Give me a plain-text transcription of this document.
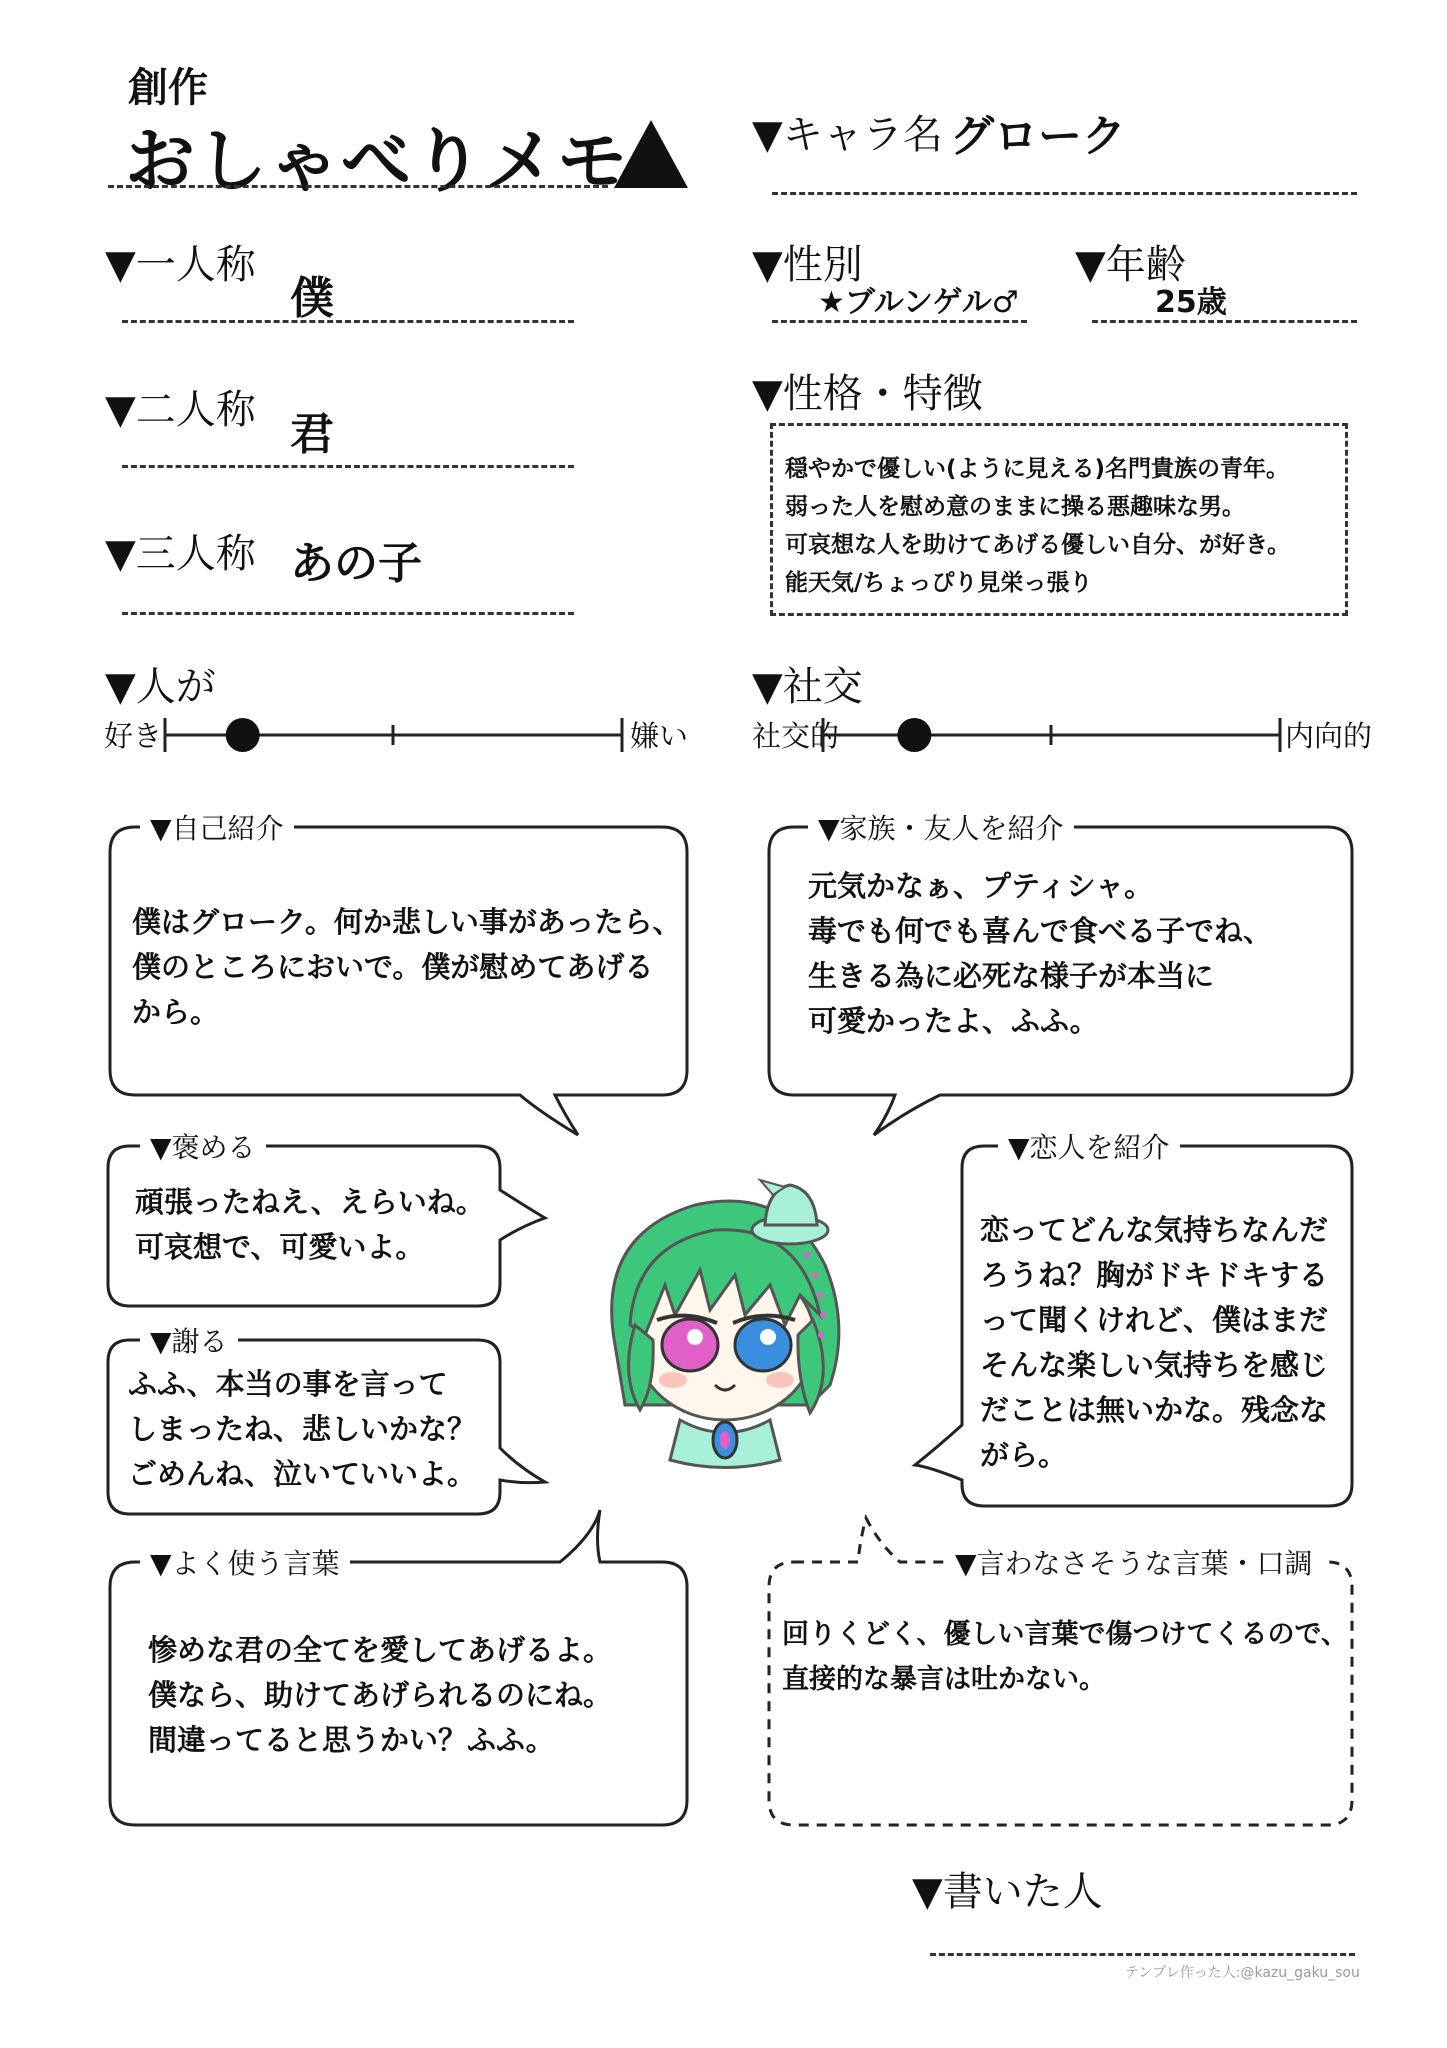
創作
おしゃべりメモ	▼キャラ名 グローク
▼一人称
僕
▼性別
★ブルンゲル♂
▼年齢
25歳
▼二人称 君
▼性格・特徴
穏やかで優しい(ように見える)名門貴族の青年。
弱った人を慰め意のままに操る悪趣味な男。
可哀想な人を助けてあげる優しい自分、が好き。
能天気/ちょっぴり見栄っ張り
▼三人称 あの子
▼人が
好き	嫌い
▼社交
社交的	内向的
▼自己紹介
僕はグローク。何か悲しい事があったら、
僕のところにおいで。僕が慰めてあげる
から。
▼家族・友人を紹介
元気かなぁ、プティシャ。
毒でも何でも喜んで食べる子でね、
生きる為に必死な様子が本当に
可愛かったよ、ふふ。
▼褒める
頑張ったねえ、えらいね。
可哀想で、可愛いよ。
▼恋人を紹介
恋ってどんな気持ちなんだ
ろうね？胸がドキドキする
って聞くけれど、僕はまだ
そんな楽しい気持ちを感じ
だことは無いかな。残念な
がら。
▼謝る
ふふ、本当の事を言って
しまったね、悲しいかな？
ごめんね、泣いていいよ。
▼よく使う言葉
惨めな君の全てを愛してあげるよ。
僕なら、助けてあげられるのにね。
間違ってると思うかい？ふふ。
▼言わなさそうな言葉・口調
回りくどく、優しい言葉で傷つけてくるので、
直接的な暴言は吐かない。
▼書いた人
テンプレ作った人:@kazu_gaku_sou
